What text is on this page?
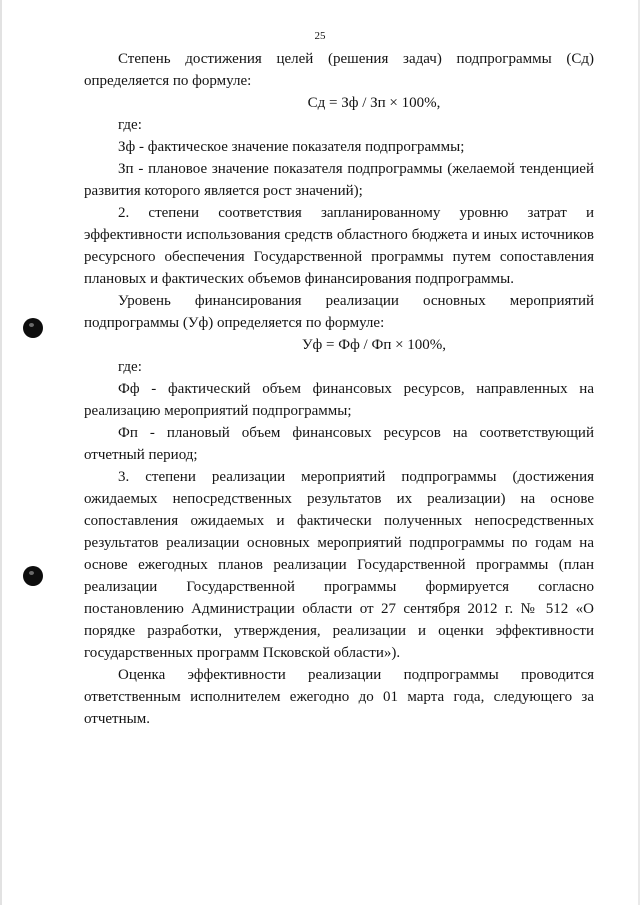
25

Степень достижения целей (решения задач) подпрограммы (Сд) определяется по формуле:

Сд = Зф / Зп × 100%,

где:

Зф - фактическое значение показателя подпрограммы;

Зп - плановое значение показателя подпрограммы (желаемой тенденцией развития которого является рост значений);

2. степени соответствия запланированному уровню затрат и эффективности использования средств областного бюджета и иных источников ресурсного обеспечения Государственной программы путем сопоставления плановых и фактических объемов финансирования подпрограммы.

Уровень финансирования реализации основных мероприятий подпрограммы (Уф) определяется по формуле:

Уф = Фф / Фп × 100%,

где:

Фф - фактический объем финансовых ресурсов, направленных на реализацию мероприятий подпрограммы;

Фп - плановый объем финансовых ресурсов на соответствующий отчетный период;

3. степени реализации мероприятий подпрограммы (достижения ожидаемых непосредственных результатов их реализации) на основе сопоставления ожидаемых и фактически полученных непосредственных результатов реализации основных мероприятий подпрограммы по годам на основе ежегодных планов реализации Государственной программы (план реализации Государственной программы формируется согласно постановлению Администрации области от 27 сентября 2012 г. № 512 «О порядке разработки, утверждения, реализации и оценки эффективности государственных программ Псковской области»).

Оценка эффективности реализации подпрограммы проводится ответственным исполнителем ежегодно до 01 марта года, следующего за отчетным.
